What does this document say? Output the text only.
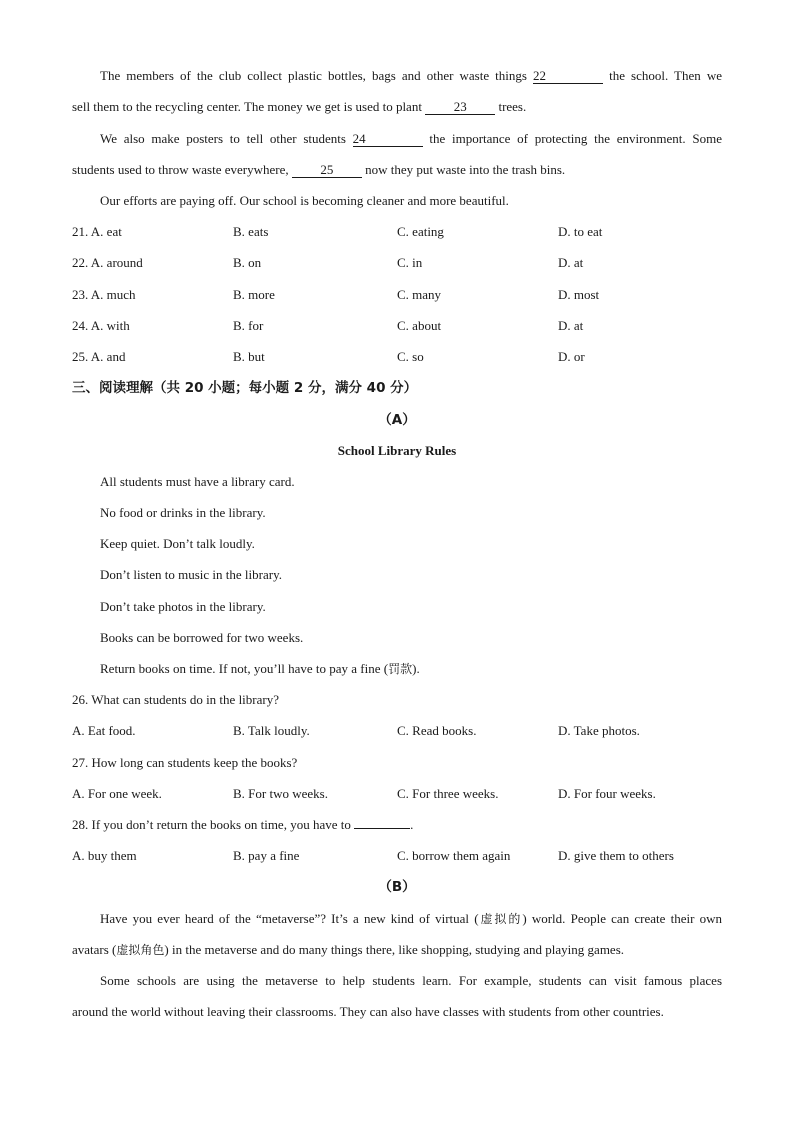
The members of the club collect plastic bottles, bags and other waste things 22	the school. Then we
sell them to the recycling center. The money we get is used to plant 23 trees.
We also make posters to tell other students 24	the importance of protecting the environment. Some
students used to throw waste everywhere, 25 now they put waste into the trash bins.
Our efforts are paying off. Our school is becoming cleaner and more beautiful.
21. A. eat	B. eats	C. eating	D. to eat
22. A. around	B. on	C. in	D. at
23. A. much	B. more	C. many	D. most
24. A. with	B. for	C. about	D. at
25. A. and	B. but	C. so	D. or
三、阅读理解（共 20 小题；每小题 2 分，满分 40 分）
（A）
School Library Rules
All students must have a library card.
No food or drinks in the library.
Keep quiet. Don’t talk loudly.
Don’t listen to music in the library.
Don’t take photos in the library.
Books can be borrowed for two weeks.
Return books on time. If not, you’ll have to pay a fine (罚款).
26. What can students do in the library?
A. Eat food.	B. Talk loudly.	C. Read books.	D. Take photos.
27. How long can students keep the books?
A. For one week.	B. For two weeks.	C. For three weeks.	D. For four weeks.
28. If you don’t return the books on time, you have to	.
A. buy them	B. pay a fine	C. borrow them again	D. give them to others
（B）
Have you ever heard of the “metaverse”? It’s a new kind of virtual (虚拟的) world. People can create their own
avatars (虚拟角色) in the metaverse and do many things there, like shopping, studying and playing games.
Some schools are using the metaverse to help students learn. For example, students can visit famous places
around the world without leaving their classrooms. They can also have classes with students from other countries.
